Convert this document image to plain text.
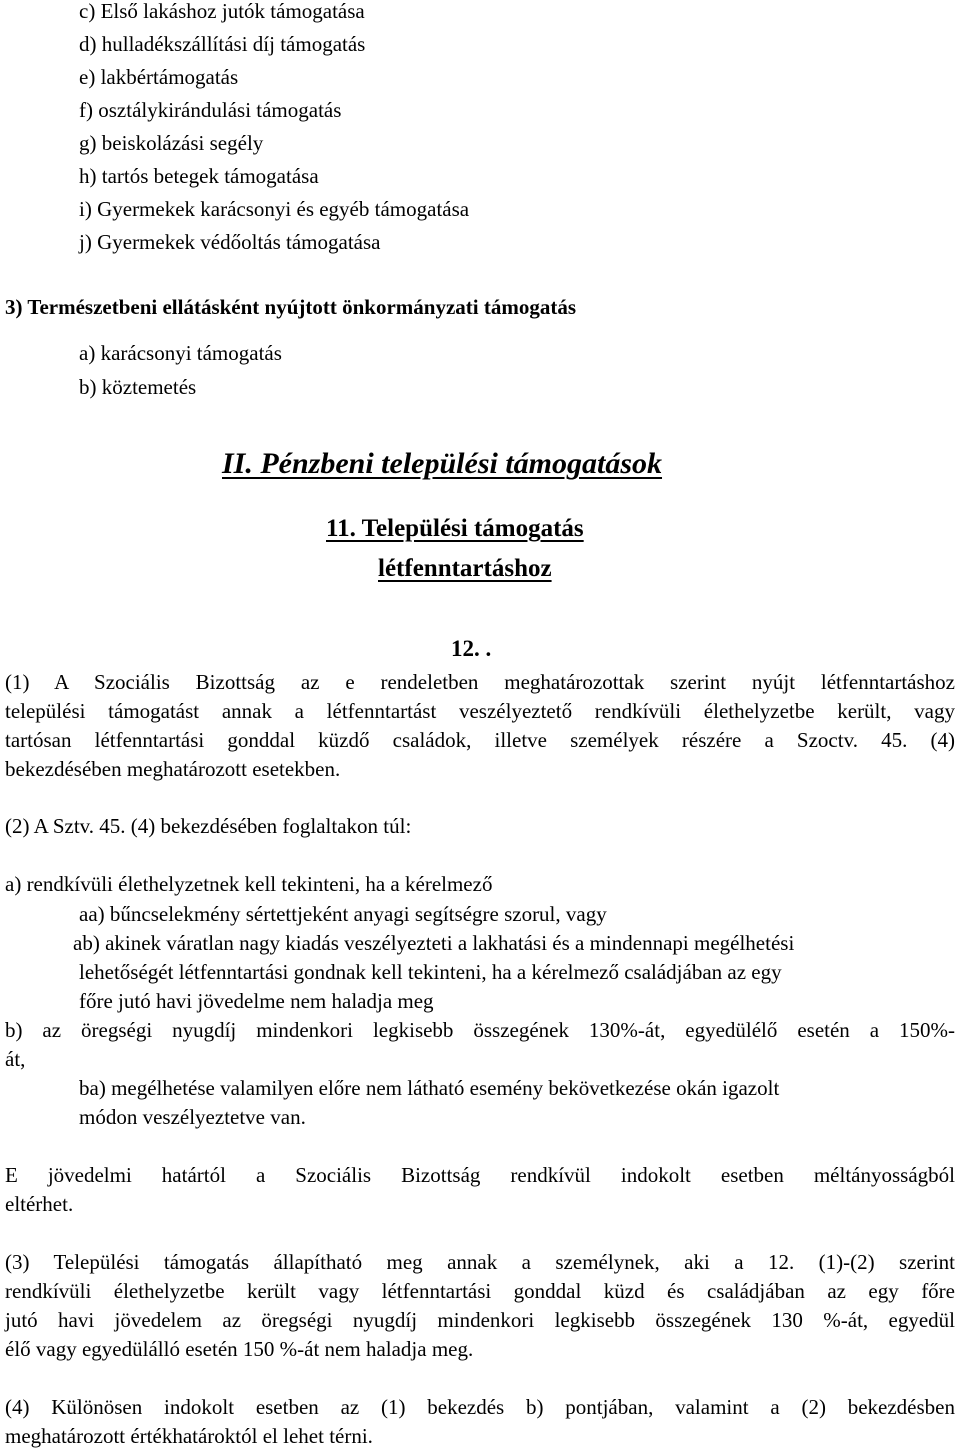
c) Első lakáshoz jutók támogatása
d) hulladékszállítási díj támogatás
e) lakbértámogatás
f) osztálykirándulási támogatás
g) beiskolázási segély
h) tartós betegek támogatása
i) Gyermekek karácsonyi és egyéb támogatása
j) Gyermekek védőoltás támogatása
3) Természetbeni ellátásként nyújtott önkormányzati támogatás
a) karácsonyi támogatás
b) köztemetés
II. Pénzbeni települési támogatások
11. Települési támogatás
létfenntartáshoz
12. .
(1) A Szociális Bizottság az e rendeletben meghatározottak szerint nyújt létfenntartáshoz
települési támogatást annak a létfenntartást veszélyeztető rendkívüli élethelyzetbe került, vagy
tartósan létfenntartási gonddal küzdő családok, illetve személyek részére a Szoctv. 45. (4)
bekezdésében meghatározott esetekben.
(2) A Sztv. 45. (4) bekezdésében foglaltakon túl:
a) rendkívüli élethelyzetnek kell tekinteni, ha a kérelmező
aa) bűncselekmény sértettjeként anyagi segítségre szorul, vagy
ab) akinek váratlan nagy kiadás veszélyezteti a lakhatási és a mindennapi megélhetési
lehetőségét létfenntartási gondnak kell tekinteni, ha a kérelmező családjában az egy
főre jutó havi jövedelme nem haladja meg
b) az öregségi nyugdíj mindenkori legkisebb összegének 130%-át, egyedülélő esetén a 150%-
át,
ba) megélhetése valamilyen előre nem látható esemény bekövetkezése okán igazolt
módon veszélyeztetve van.
E jövedelmi határtól a Szociális Bizottság rendkívül indokolt esetben méltányosságból
eltérhet.
(3) Települési támogatás állapítható meg annak a személynek, aki a 12. (1)-(2) szerint
rendkívüli élethelyzetbe került vagy létfenntartási gonddal küzd és családjában az egy főre
jutó havi jövedelem az öregségi nyugdíj mindenkori legkisebb összegének 130 %-át, egyedül
élő vagy egyedülálló esetén 150 %-át nem haladja meg.
(4) Különösen indokolt esetben az (1) bekezdés b) pontjában, valamint a (2) bekezdésben
meghatározott értékhatároktól el lehet térni.
